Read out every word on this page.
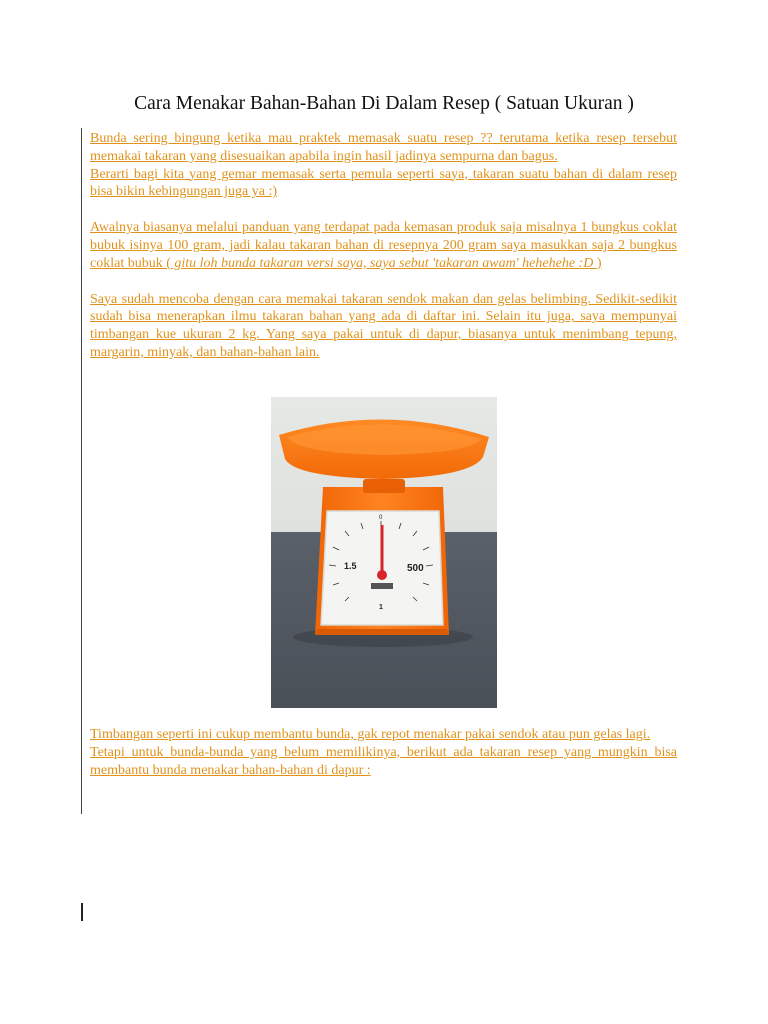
Cara Menakar Bahan-Bahan Di Dalam Resep ( Satuan Ukuran )

Bunda sering bingung ketika mau praktek memasak suatu resep ?? terutama ketika resep tersebut memakai takaran yang disesuaikan apabila ingin hasil jadinya sempurna dan bagus.

Berarti bagi kita yang gemar memasak serta pemula seperti saya, takaran suatu bahan di dalam resep bisa bikin kebingungan juga ya :)

Awalnya biasanya melalui panduan yang terdapat pada kemasan produk saja misalnya 1 bungkus coklat bubuk isinya 100 gram, jadi kalau takaran bahan di resepnya 200 gram saya masukkan saja 2 bungkus coklat bubuk ( gitu loh bunda takaran versi saya, saya sebut 'takaran awam' hehehehe :D )

Saya sudah mencoba dengan cara memakai takaran sendok makan dan gelas belimbing. Sedikit-sedikit sudah bisa menerapkan ilmu takaran bahan yang ada di daftar ini. Selain itu juga, saya mempunyai timbangan kue ukuran 2 kg. Yang saya pakai untuk di dapur, biasanya untuk menimbang tepung, margarin, minyak, dan bahan-bahan lain.

1.5	500
0
1

Timbangan seperti ini cukup membantu bunda, gak repot menakar pakai sendok atau pun gelas lagi.

Tetapi untuk bunda-bunda yang belum memilikinya, berikut ada takaran resep yang mungkin bisa membantu bunda menakar bahan-bahan di dapur :
